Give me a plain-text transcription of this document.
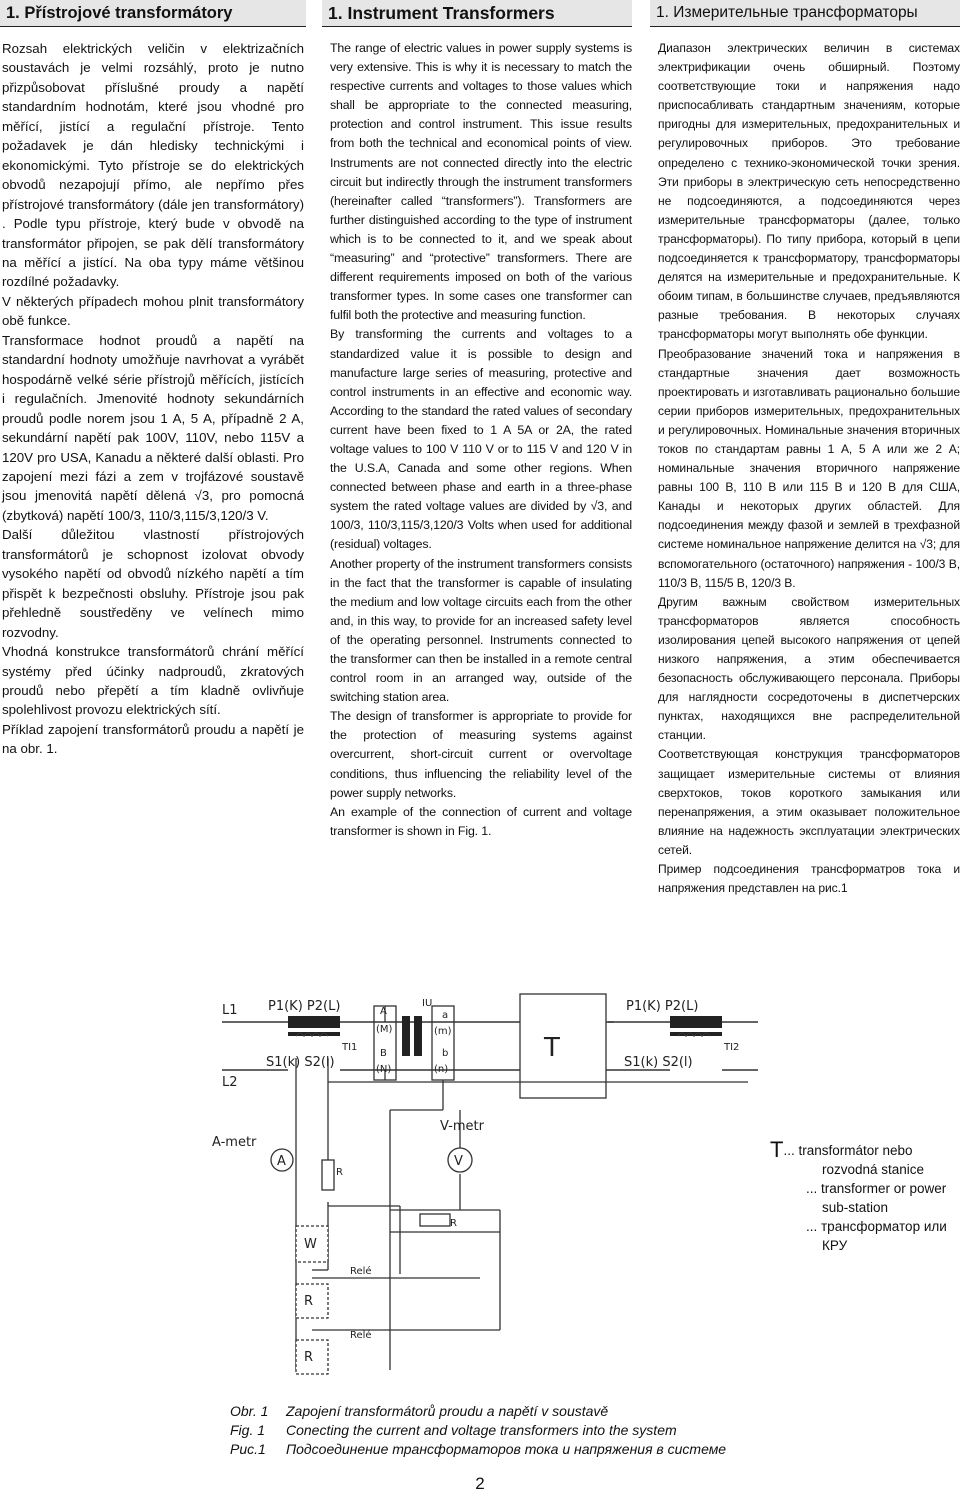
1. Přístrojové transformátory

Rozsah elektrických veličin v elektrizačních soustavách je velmi rozsáhlý, proto je nutno přizpůsobovat příslušné proudy a napětí standardním hodnotám, které jsou vhodné pro měřící, jistící a regulační přístroje. Tento požadavek je dán hledisky technickými i ekonomickými. Tyto přístroje se do elektrických obvodů nezapojují přímo, ale nepřímo přes přístrojové transformátory (dále jen transformátory) . Podle typu přístroje, který bude v obvodě na transformátor připojen, se pak dělí transformátory na měřící a jistící. Na oba typy máme většinou rozdílné požadavky.

V některých případech mohou plnit transformátory obě funkce.

Transformace hodnot proudů a napětí na standardní hodnoty umožňuje navrhovat a vyrábět hospodárně velké série přístrojů měřících, jistících i regulačních. Jmenovité hodnoty sekundárních proudů podle norem jsou 1 A, 5 A, případně 2 A, sekundární napětí pak 100V, 110V, nebo 115V a 120V pro USA, Kanadu a některé další oblasti. Pro zapojení mezi fázi a zem v trojfázové soustavě jsou jmenovitá napětí dělená √3, pro pomocná (zbytková) napětí 100/3, 110/3,115/3,120/3 V.

Další důležitou vlastností přístrojových transformátorů je schopnost izolovat obvody vysokého napětí od obvodů nízkého napětí a tím přispět k bezpečnosti obsluhy. Přístroje jsou pak přehledně soustředěny ve velínech mimo rozvodny.

Vhodná konstrukce transformátorů chrání měřící systémy před účinky nadproudů, zkratových proudů nebo přepětí a tím kladně ovlivňuje spolehlivost provozu elektrických sítí.

Příklad zapojení transformátorů proudu a napětí je na obr. 1.

1. Instrument Transformers

The range of electric values in power supply systems is very extensive. This is why it is necessary to match the respective currents and voltages to those values which shall be appropriate to the connected measuring, protection and control instrument. This issue results from both the technical and economical points of view. Instruments are not connected directly into the electric circuit but indirectly through the instrument transformers (hereinafter called “transformers”). Transformers are further distinguished according to the type of instrument which is to be connected to it, and we speak about “measuring” and “protective” transformers. There are different requirements imposed on both of the various transformer types. In some cases one transformer can fulfil both the protective and measuring function.

By transforming the currents and voltages to a standardized value it is possible to design and manufacture large series of measuring, protective and control instruments in an effective and economic way. According to the standard the rated values of secondary current have been fixed to 1 A 5A or 2A, the rated voltage values to 100 V 110 V or to 115 V and 120 V in the U.S.A, Canada and some other regions. When connected between phase and earth in a three-phase system the rated voltage values are divided by √3, and 100/3, 110/3,115/3,120/3 Volts when used for additional (residual) voltages.

Another property of the instrument transformers consists in the fact that the transformer is capable of insulating the medium and low voltage circuits each from the other and, in this way, to provide for an increased safety level of the operating personnel. Instruments connected to the transformer can then be installed in a remote central control room in an arranged way, outside of the switching station area.

The design of transformer is appropriate to provide for the protection of measuring systems against overcurrent, short-circuit current or overvoltage conditions, thus influencing the reliability level of the power supply networks.

An example of the connection of current and voltage transformer is shown in Fig. 1.

1. Измерительные трансформаторы

Диапазон электрических величин в системах электрификации очень обширный. Поэтому соответствующие токи и напряжения надо приспосабливать стандартным значениям, которые пригодны для измерительных, предохранительных и регулировочных приборов. Это требование определено с технико-экономической точки зрения. Эти приборы в электрическую сеть непосредственно не подсоединяются, а подсоединяются через измерительные трансформаторы (далее, только трансформаторы). По типу прибора, который в цепи подсоединяется к трансформатору, трансформаторы делятся на измерительные и предохранительные. К обоим типам, в большинстве случаев, предъявляются разные требования. В некоторых случаях трансформаторы могут выполнять обе функции.

Преобразование значений тока и напряжения в стандартные значения дает возможность проектировать и изготавливать рационально большие серии приборов измерительных, предохранительных и регулировочных. Номинальные значения вторичных токов по стандартам равны 1 А, 5 А или же 2 А; номинальные значения вторичного напряжение равны 100 В, 110 В или 115 В и 120 В для США, Канады и некоторых других областей. Для подсоединения между фазой и землей в трехфазной системе номинальное напряжение делится на √3; для вспомогательного (остаточного) напряжения - 100/3 В, 110/3 В, 115/5 В, 120/3 В.

Другим важным свойством измерительных трансформаторов является способность изолирования цепей высокого напряжения от цепей низкого напряжения, а этим обеспечивается безопасность обслуживающего персонала. Приборы для наглядности сосредоточены в диспетчерских пунктах, находящихся вне распределительной станции.

Соответствующая конструкция трансформаторов защищает измерительные системы от влияния сверхтоков, токов короткого замыкания или перенапряжения, а этим оказывает положительное влияние на надежность эксплуатации электрических сетей.

Пример подсоединения трансформатров тока и напряжения представлен на рис.1

A
A-metr
V
V-metr
R
R
W
R
Relé
R
Relé
L1
L2
P1(K) P2(L)
S1(k) S2(l)
TI1
A
(M)
B
(N)
IU
a
(m)
b
(n)
T
P1(K) P2(L)
S1(k) S2(l)
TI2
T... transformátor nebo
rozvodná stanice
... transformer or power
sub-station
... трансформатор или
КРУ
Obr. 1	Zapojení transformátorů proudu a napětí v soustavě
Fig. 1	Conecting the current and voltage transformers into the system
Рис.1	Подсоединение трансформаторов тока и напряжения в системе
2
